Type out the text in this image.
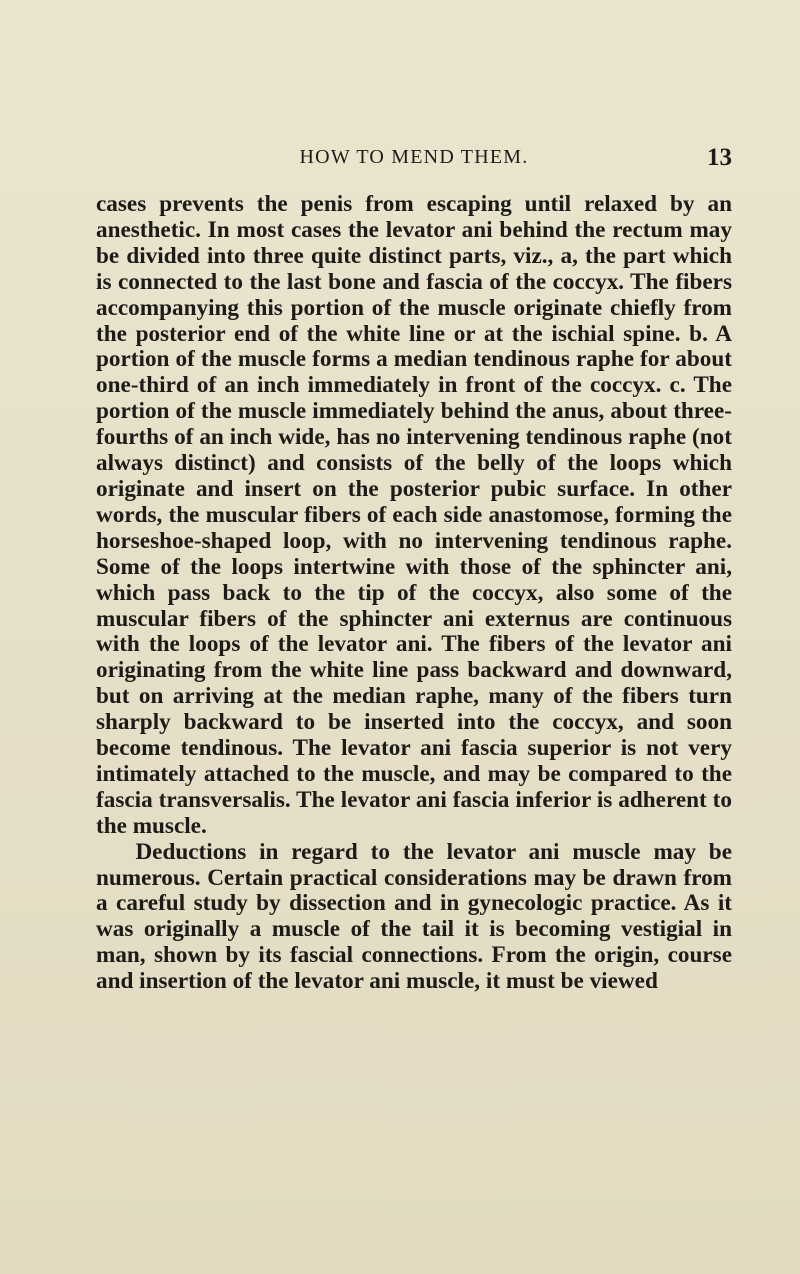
HOW TO MEND THEM.	13

cases prevents the penis from escaping until relaxed by an anesthetic. In most cases the levator ani behind the rectum may be divided into three quite distinct parts, viz., a, the part which is connected to the last bone and fascia of the coccyx. The fibers accompanying this portion of the muscle originate chiefly from the posterior end of the white line or at the ischial spine. b. A portion of the muscle forms a median tendinous raphe for about one-third of an inch immediately in front of the coccyx. c. The portion of the muscle immediately behind the anus, about three-fourths of an inch wide, has no intervening tendinous raphe (not always distinct) and consists of the belly of the loops which originate and insert on the posterior pubic surface. In other words, the muscular fibers of each side anastomose, forming the horseshoe-shaped loop, with no intervening tendinous raphe. Some of the loops intertwine with those of the sphincter ani, which pass back to the tip of the coccyx, also some of the muscular fibers of the sphincter ani externus are continuous with the loops of the levator ani. The fibers of the levator ani originating from the white line pass backward and downward, but on arriving at the median raphe, many of the fibers turn sharply backward to be inserted into the coccyx, and soon become tendinous. The levator ani fascia superior is not very intimately attached to the muscle, and may be compared to the fascia transversalis. The levator ani fascia inferior is adherent to the muscle.

Deductions in regard to the levator ani muscle may be numerous. Certain practical considerations may be drawn from a careful study by dissection and in gynecologic practice. As it was originally a muscle of the tail it is becoming vestigial in man, shown by its fascial connections. From the origin, course and insertion of the levator ani muscle, it must be viewed
